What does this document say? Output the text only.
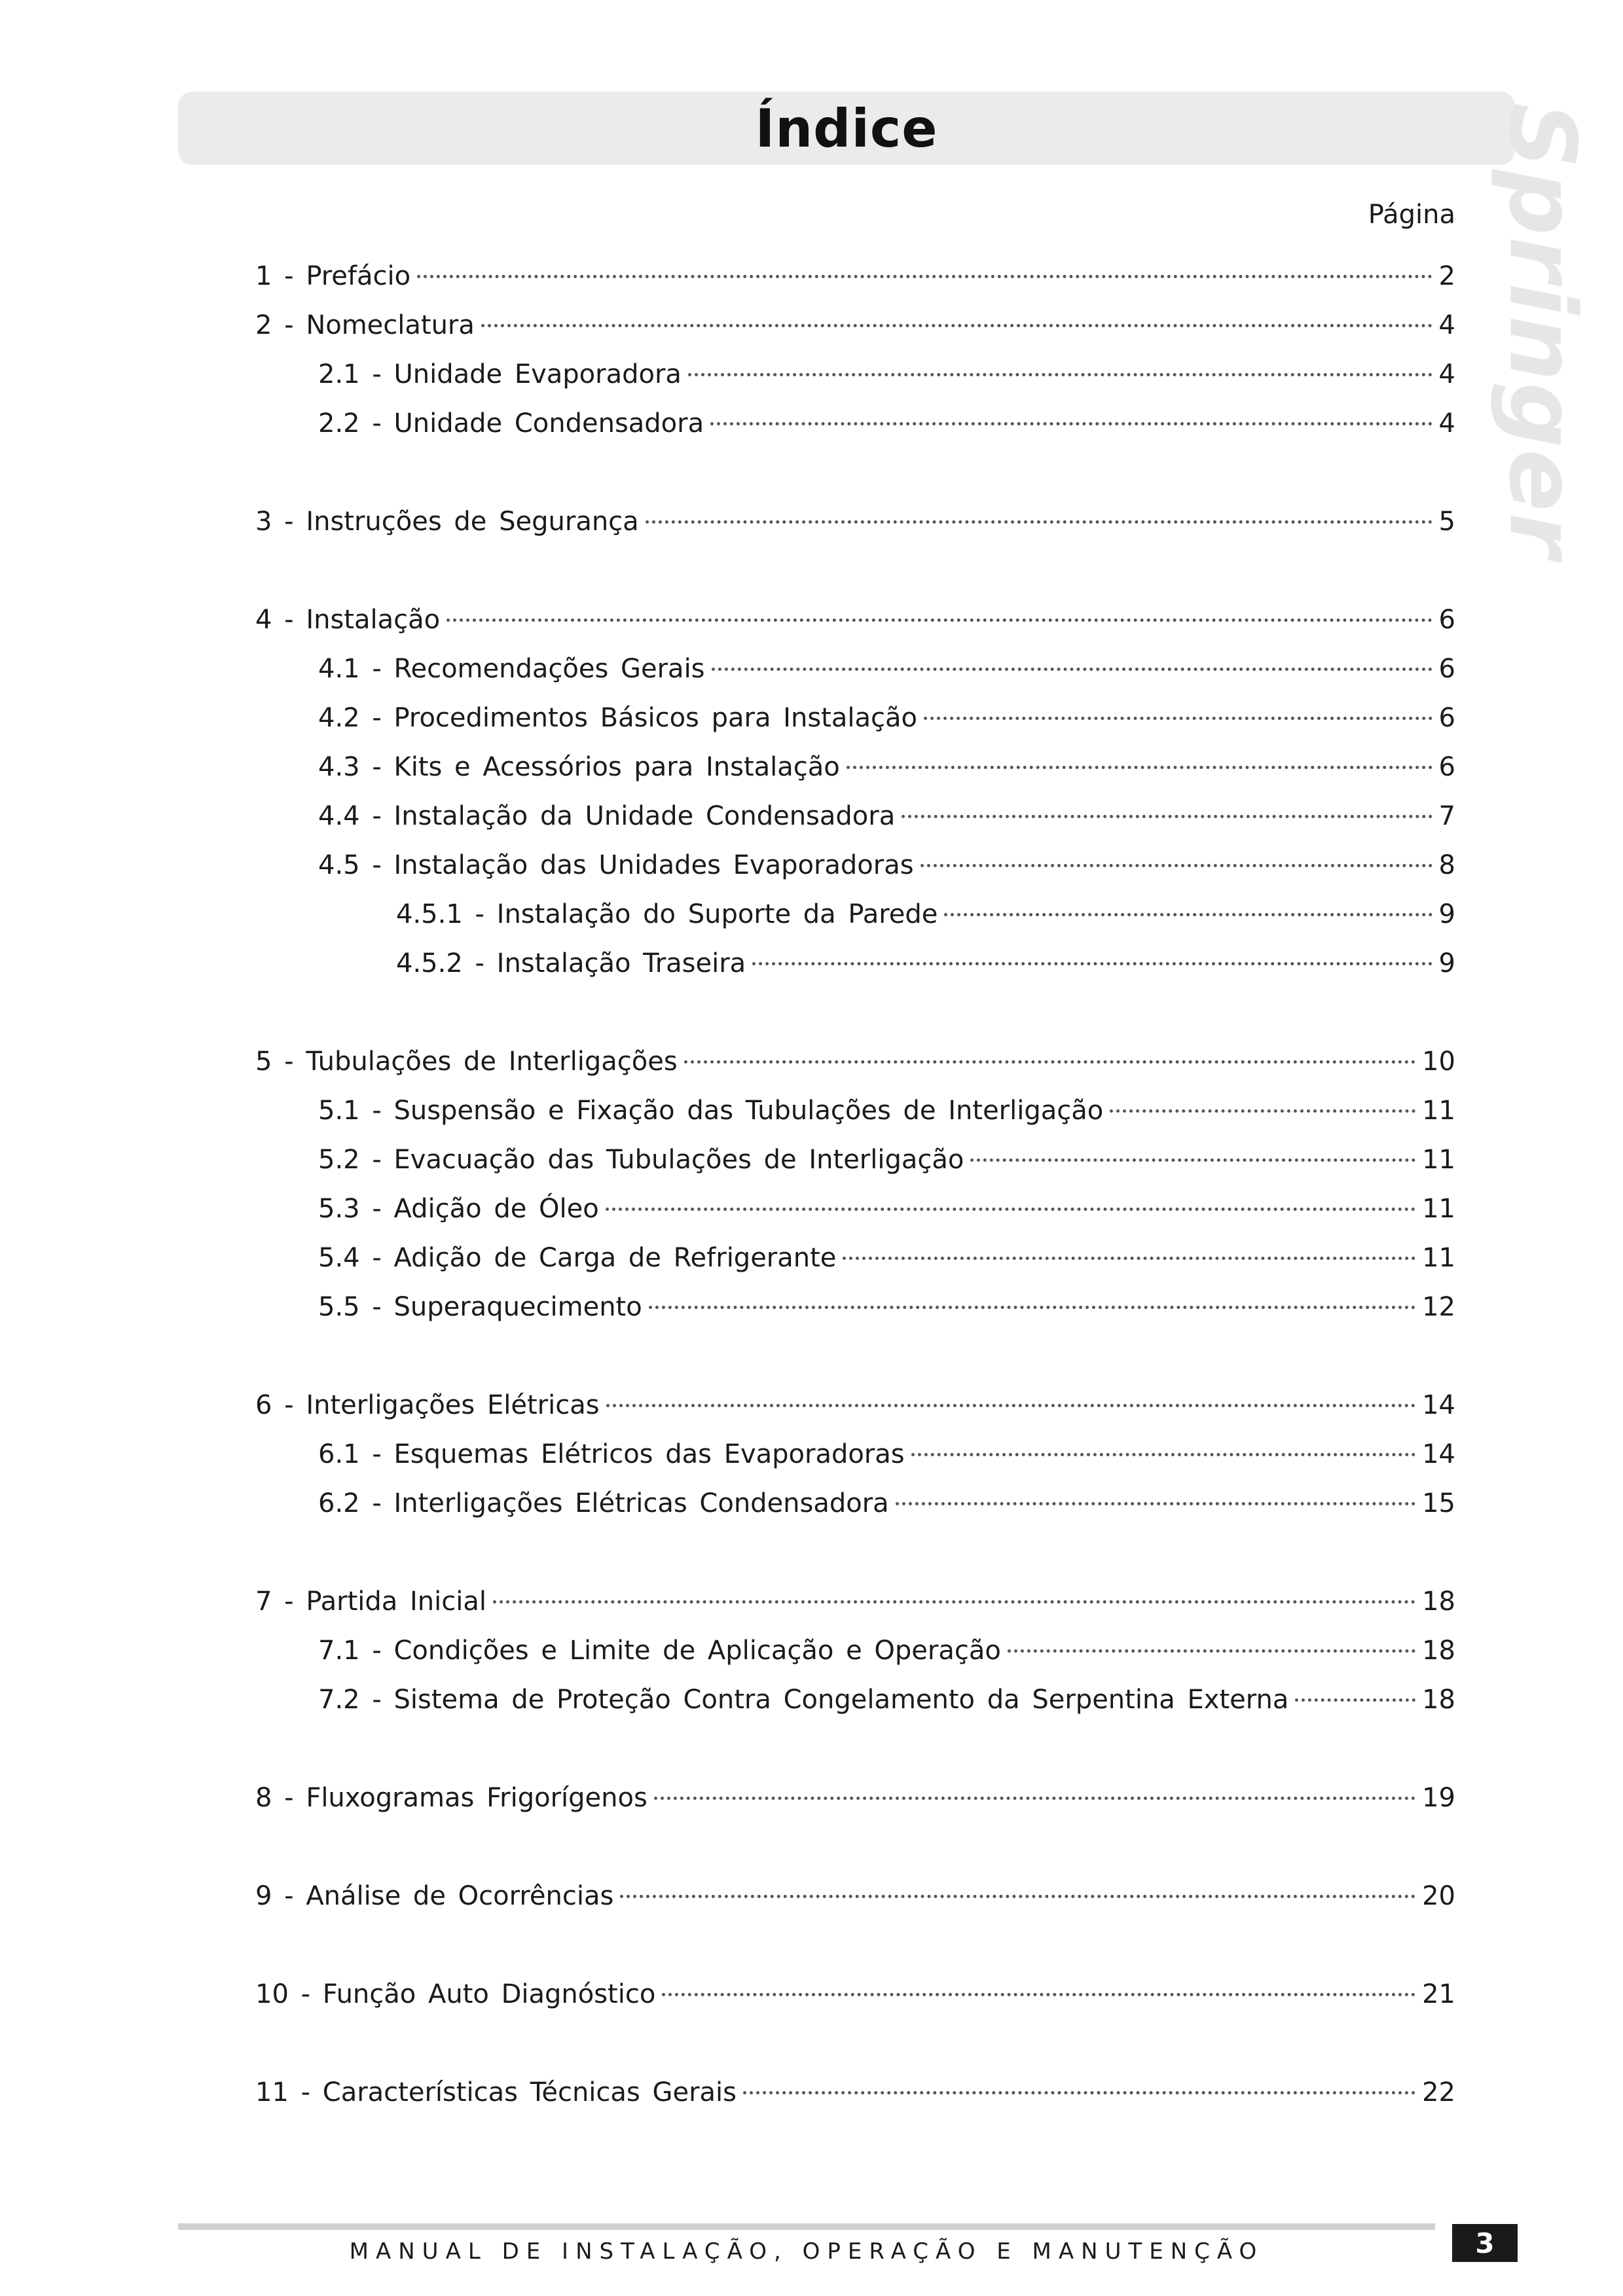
Índice	Springer
Página
1 - Prefácio	2
2 - Nomeclatura	4
2.1 - Unidade Evaporadora	4
2.2 - Unidade Condensadora	4
3 - Instruções de Segurança	5
4 - Instalação	6
4.1 - Recomendações Gerais	6
4.2 - Procedimentos Básicos para Instalação	6
4.3 - Kits e Acessórios para Instalação	6
4.4 - Instalação da Unidade Condensadora	7
4.5 - Instalação das Unidades Evaporadoras	8
4.5.1 - Instalação do Suporte da Parede	9
4.5.2 - Instalação Traseira	9
5 - Tubulações de Interligações	10
5.1 - Suspensão e Fixação das Tubulações de Interligação	11
5.2 - Evacuação das Tubulações de Interligação	11
5.3 - Adição de Óleo	11
5.4 - Adição de Carga de Refrigerante	11
5.5 - Superaquecimento	12
6 - Interligações Elétricas	14
6.1 - Esquemas Elétricos das Evaporadoras	14
6.2 - Interligações Elétricas Condensadora	15
7 - Partida Inicial	18
7.1 - Condições e Limite de Aplicação e Operação	18
7.2 - Sistema de Proteção Contra Congelamento da Serpentina Externa	18
8 - Fluxogramas Frigorígenos	19
9 - Análise de Ocorrências	20
10 - Função Auto Diagnóstico	21
11 - Características Técnicas Gerais	22
MANUAL DE INSTALAÇÃO, OPERAÇÃO E MANUTENÇÃO	3
